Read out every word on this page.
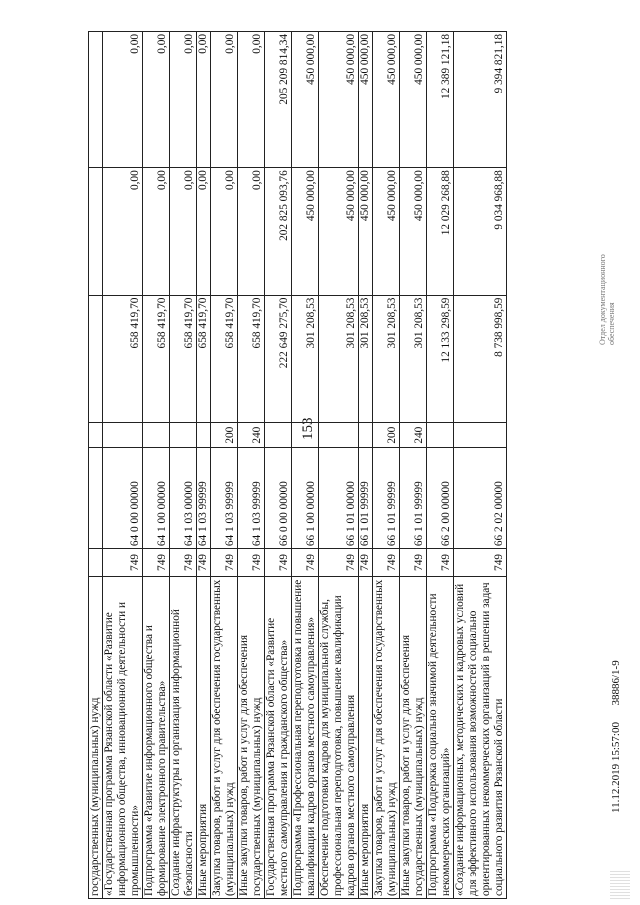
153
государственных (муниципальных) нужд						
«Государственная программа Рязанской области «Развитие информационного общества, инновационной деятельности и промышленности»	749	64 0 00 00000		658 419,70	0,00	0,00
Подпрограмма «Развитие информационного общества и формирование электронного правительства»	749	64 1 00 00000		658 419,70	0,00	0,00
Создание инфраструктуры и организация информационной безопасности	749	64 1 03 00000		658 419,70	0,00	0,00
Иные мероприятия	749	64 1 03 99999		658 419,70	0,00	0,00
Закупка товаров, работ и услуг для обеспечения государственных (муниципальных) нужд	749	64 1 03 99999	200	658 419,70	0,00	0,00
Иные закупки товаров, работ и услуг для обеспечения государственных (муниципальных) нужд	749	64 1 03 99999	240	658 419,70	0,00	0,00
Государственная программа Рязанской области «Развитие местного самоуправления и гражданского общества»	749	66 0 00 00000		222 649 275,70	202 825 093,76	205 209 814,34
Подпрограмма «Профессиональная переподготовка и повышение квалификации кадров органов местного самоуправления»	749	66 1 00 00000		301 208,53	450 000,00	450 000,00
Обеспечение подготовки кадров для муниципальной службы, профессиональная переподготовка, повышение квалификации кадров органов местного самоуправления	749	66 1 01 00000		301 208,53	450 000,00	450 000,00
Иные мероприятия	749	66 1 01 99999		301 208,53	450 000,00	450 000,00
Закупка товаров, работ и услуг для обеспечения государственных (муниципальных) нужд	749	66 1 01 99999	200	301 208,53	450 000,00	450 000,00
Иные закупки товаров, работ и услуг для обеспечения государственных (муниципальных) нужд	749	66 1 01 99999	240	301 208,53	450 000,00	450 000,00
Подпрограмма «Поддержка социально значимой деятельности некоммерческих организаций»	749	66 2 00 00000		12 133 298,59	12 029 268,88	12 389 121,18
«Создание информационных, методических и кадровых условий для эффективного использования возможностей социально ориентированных некоммерческих организаций в решении задач социального развития Рязанской области	749	66 2 02 00000		8 738 998,59	9 034 968,88	9 394 821,18
11.12.2019 15:57:00      38886/1-9
Отдел документационного обеспечения
